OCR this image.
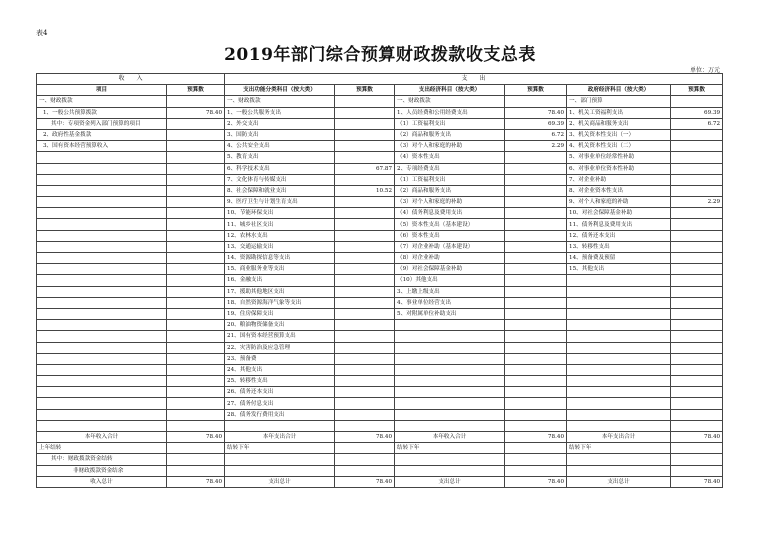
表4
2019年部门综合预算财政拨款收支总表
单位：万元
收　　入		支　　出					
项目	预算数	支出功能分类科目（按大类）	预算数	支出经济科目（按大类）	预算数	政府经济科目（按大类）	预算数
一、财政拨款		一、财政拨款		一、财政拨款		一、部门预算	
1、一般公共预算拨款	78.40	1、一般公共服务支出		1、人员经费和公用经费支出	78.40	1、机关工资福利支出	69.39
其中：专项资金列入部门预算的项目		2、外交支出		（1）工资福利支出	69.39	2、机关商品和服务支出	6.72
2、政府性基金拨款		3、国防支出		（2）商品和服务支出	6.72	3、机关资本性支出（一）	
3、国有资本经营预算收入		4、公共安全支出		（3）对个人和家庭的补助	2.29	4、机关资本性支出（二）	
		5、教育支出		（4）资本性支出		5、对事业单位经常性补助	
		6、科学技术支出	67.87	2、专项经费支出		6、对事业单位资本性补助	
		7、文化体育与传媒支出		（1）工资福利支出		7、对企业补助	
		8、社会保障和就业支出	10.52	（2）商品和服务支出		8、对企业资本性支出	
		9、医疗卫生与计划生育支出		（3）对个人和家庭的补助		9、对个人和家庭的补助	2.29
		10、节能环保支出		（4）债务利息及费用支出		10、对社会保障基金补助	
		11、城乡社区支出		（5）资本性支出（基本建设）		11、债务利息及费用支出	
		12、农林水支出		（6）资本性支出		12、债务还本支出	
		13、交通运输支出		（7）对企业补助（基本建设）		13、转移性支出	
		14、资源勘探信息等支出		（8）对企业补助		14、预备费及预留	
		15、商业服务业等支出		（9）对社会保障基金补助		15、其他支出	
		16、金融支出		（10）其他支出			
		17、援助其他地区支出		3、上缴上级支出			
		18、自然资源海洋气象等支出		4、事业单位经营支出			
		19、住房保障支出		5、对附属单位补助支出			
		20、粮油物资储备支出					
		21、国有资本经营预算支出					
		22、灾害防治及应急管理					
		23、预备费					
		24、其他支出					
		25、转移性支出					
		26、债务还本支出					
		27、债务付息支出					
		28、债务发行费用支出					

本年收入合计	78.40	本年支出合计	78.40	本年收入合计	78.40	本年支出合计	78.40
上年结转		结转下年		结转下年		结转下年	
其中：财政拨款资金结转							
非财政拨款资金结余							
收入总计	78.40	支出总计	78.40	支出总计	78.40	支出总计	78.40
